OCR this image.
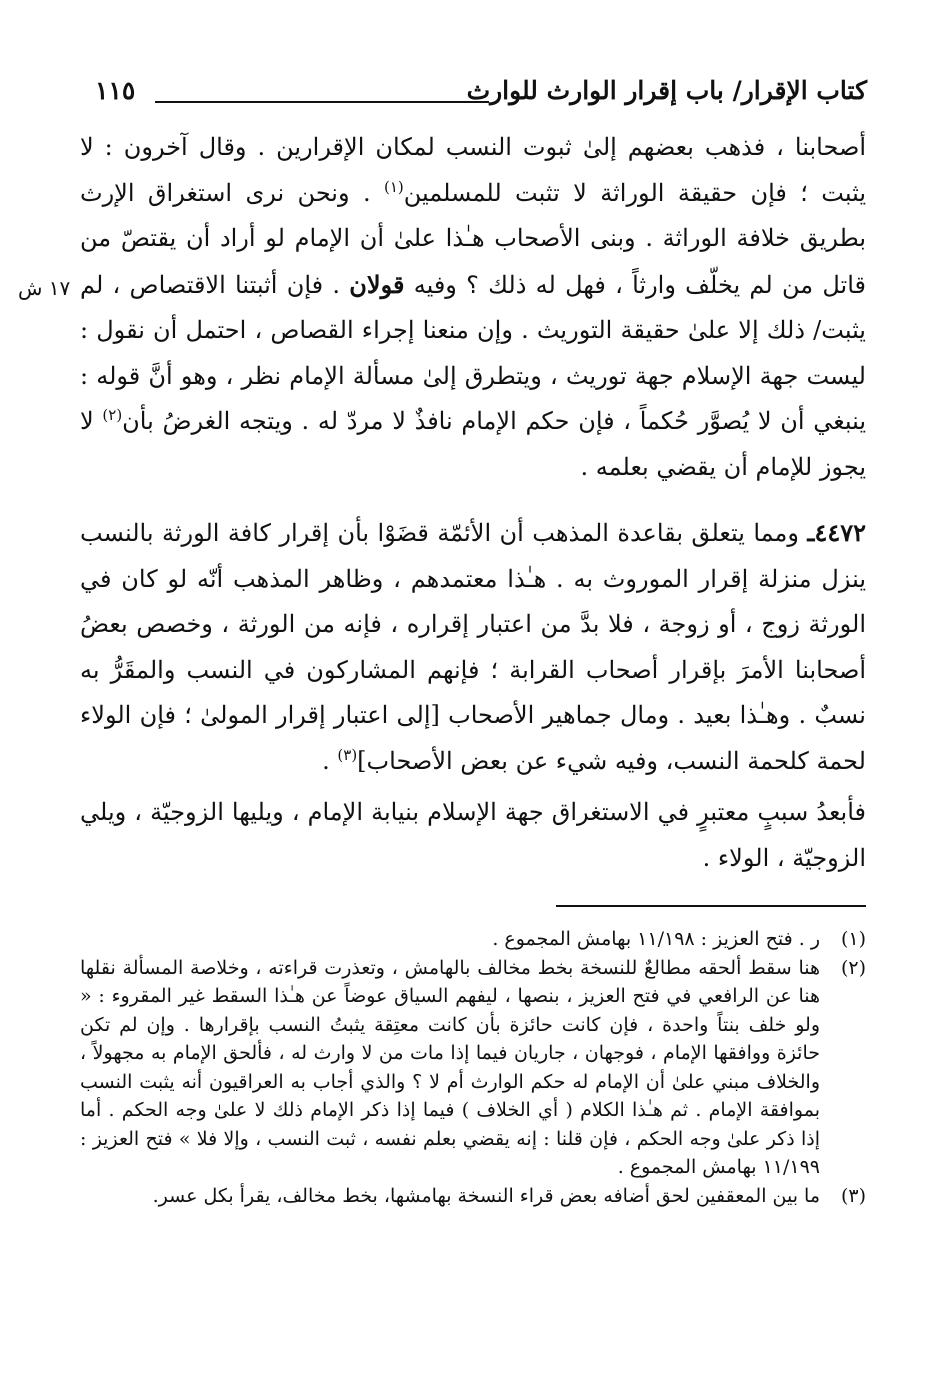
كتاب الإقرار/ باب إقرار الوارث للوارث
١١٥
١٧ ش

أصحابنا ، فذهب بعضهم إلىٰ ثبوت النسب لمكان الإقرارين . وقال آخرون : لا يثبت ؛ فإن حقيقة الوراثة لا تثبت للمسلمين$^{(١)}$ . ونحن نرى استغراق الإرث بطريق خلافة الوراثة . وبنى الأصحاب هـٰذا علىٰ أن الإمام لو أراد أن يقتصّ من قاتل من لم يخلّف وارثاً ، فهل له ذلك ؟ وفيه قولان . فإن أثبتنا الاقتصاص ، لم يثبت/ ذلك إلا علىٰ حقيقة التوريث . وإن منعنا إجراء القصاص ، احتمل أن نقول : ليست جهة الإسلام جهة توريث ، ويتطرق إلىٰ مسألة الإمام نظر ، وهو أنَّ قوله : ينبغي أن لا يُصوَّر حُكماً ، فإن حكم الإمام نافذٌ لا مردّ له . ويتجه الغرضُ بأن$^{(٢)}$ لا يجوز للإمام أن يقضي بعلمه .

٤٤٧٢ـ ومما يتعلق بقاعدة المذهب أن الأئمّة قضَوْا بأن إقرار كافة الورثة بالنسب ينزل منزلة إقرار الموروث به . هـٰذا معتمدهم ، وظاهر المذهب أنّه لو كان في الورثة زوج ، أو زوجة ، فلا بدَّ من اعتبار إقراره ، فإنه من الورثة ، وخصص بعضُ أصحابنا الأمرَ بإقرار أصحاب القرابة ؛ فإنهم المشاركون في النسب والمقَرُّ به نسبٌ . وهـٰذا بعيد . ومال جماهير الأصحاب [إلى اعتبار إقرار المولىٰ ؛ فإن الولاء لحمة كلحمة النسب، وفيه شيء عن بعض الأصحاب]$^{(٣)}$ .

فأبعدُ سببٍ معتبرٍ في الاستغراق جهة الإسلام بنيابة الإمام ، ويليها الزوجيّة ، ويلي الزوجيّة ، الولاء .

(١)
ر . فتح العزيز : ١١/١٩٨ بهامش المجموع .
(٢)
هنا سقط ألحقه مطالعٌ للنسخة بخط مخالف بالهامش ، وتعذرت قراءته ، وخلاصة المسألة نقلها هنا عن الرافعي في فتح العزيز ، بنصها ، ليفهم السياق عوضاً عن هـٰذا السقط غير المقروء : « ولو خلف بنتاً واحدة ، فإن كانت حائزة بأن كانت معتِقة يثبتُ النسب بإقرارها . وإن لم تكن حائزة ووافقها الإمام ، فوجهان ، جاريان فيما إذا مات من لا وارث له ، فألحق الإمام به مجهولاً ، والخلاف مبني علىٰ أن الإمام له حكم الوارث أم لا ؟ والذي أجاب به العراقيون أنه يثبت النسب بموافقة الإمام . ثم هـٰذا الكلام ( أي الخلاف ) فيما إذا ذكر الإمام ذلك لا علىٰ وجه الحكم . أما إذا ذكر علىٰ وجه الحكم ، فإن قلنا : إنه يقضي بعلم نفسه ، ثبت النسب ، وإلا فلا » فتح العزيز : ١١/١٩٩ بهامش المجموع .
(٣)
ما بين المعقفين لحق أضافه بعض قراء النسخة بهامشها، بخط مخالف، يقرأ بكل عسر.
